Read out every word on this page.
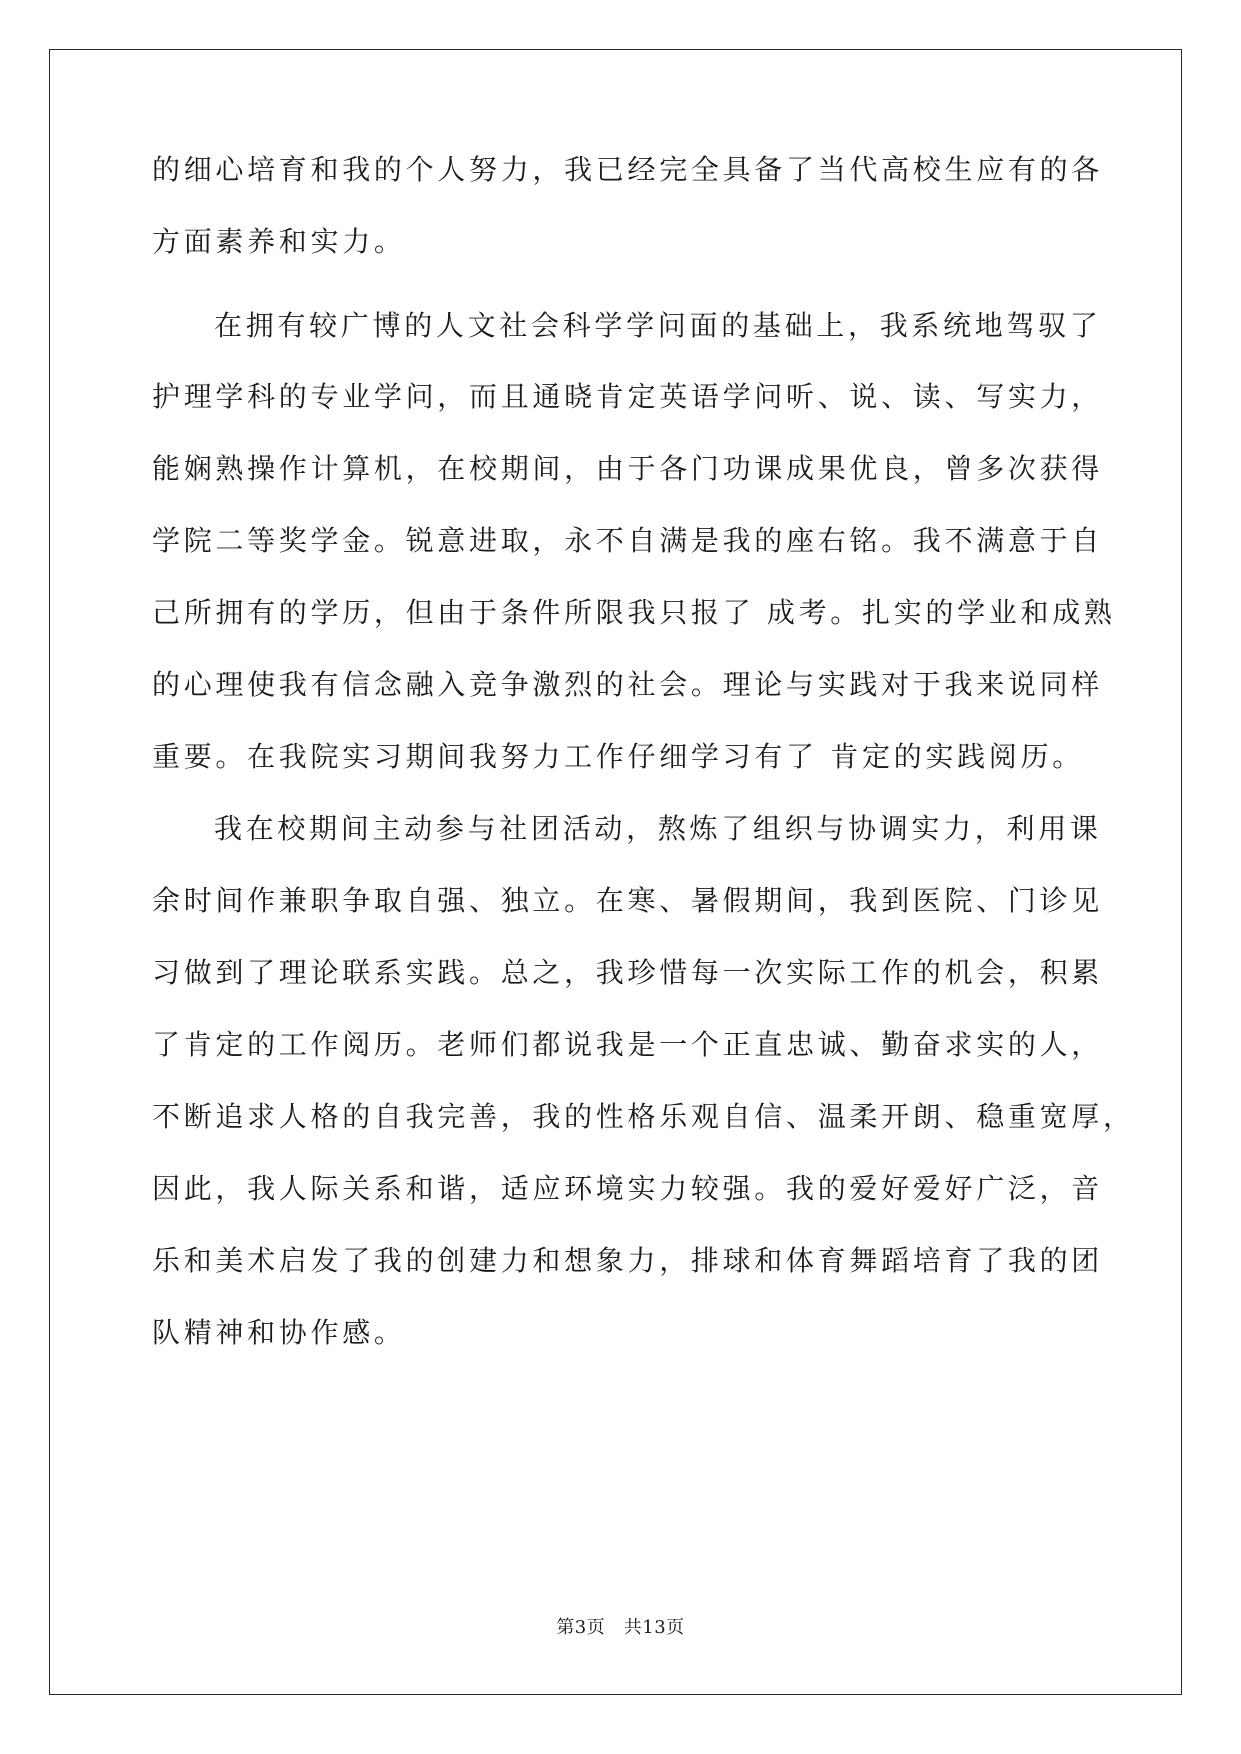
的细心培育和我的个人努力，我已经完全具备了当代高校生应有的各
方面素养和实力。
在拥有较广博的人文社会科学学问面的基础上，我系统地驾驭了
护理学科的专业学问，而且通晓肯定英语学问听、说、读、写实力，
能娴熟操作计算机，在校期间，由于各门功课成果优良，曾多次获得
学院二等奖学金。锐意进取，永不自满是我的座右铭。我不满意于自
己所拥有的学历，但由于条件所限我只报了 成考。扎实的学业和成熟
的心理使我有信念融入竞争激烈的社会。理论与实践对于我来说同样
重要。在我院实习期间我努力工作仔细学习有了 肯定的实践阅历。
我在校期间主动参与社团活动，熬炼了组织与协调实力，利用课
余时间作兼职争取自强、独立。在寒、暑假期间，我到医院、门诊见
习做到了理论联系实践。总之，我珍惜每一次实际工作的机会，积累
了肯定的工作阅历。老师们都说我是一个正直忠诚、勤奋求实的人，
不断追求人格的自我完善，我的性格乐观自信、温柔开朗、稳重宽厚，
因此，我人际关系和谐，适应环境实力较强。我的爱好爱好广泛，音
乐和美术启发了我的创建力和想象力，排球和体育舞蹈培育了我的团
队精神和协作感。
第3页　共13页
